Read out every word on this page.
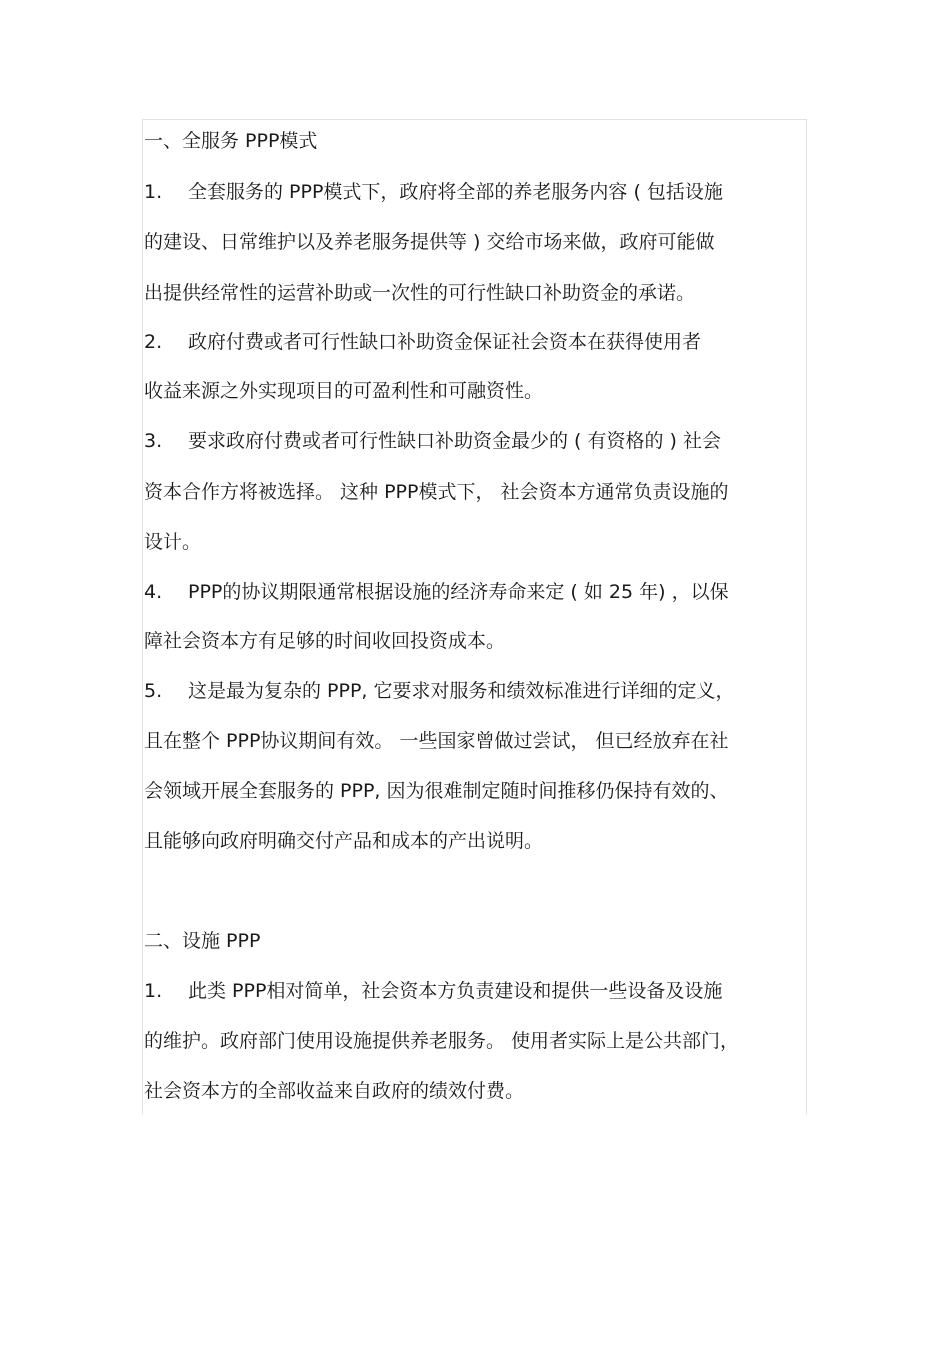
一、全服务 PPP模式
1. 全套服务的 PPP模式下，政府将全部的养老服务内容 ( 包括设施
的建设、日常维护以及养老服务提供等 ) 交给市场来做，政府可能做
出提供经常性的运营补助或一次性的可行性缺口补助资金的承诺。
2. 政府付费或者可行性缺口补助资金保证社会资本在获得使用者
收益来源之外实现项目的可盈利性和可融资性。
3. 要求政府付费或者可行性缺口补助资金最少的 ( 有资格的 ) 社会
资本合作方将被选择。 这种 PPP模式下， 社会资本方通常负责设施的
设计。
4. PPP的协议期限通常根据设施的经济寿命来定 ( 如 25 年) ，以保
障社会资本方有足够的时间收回投资成本。
5. 这是最为复杂的 PPP, 它要求对服务和绩效标准进行详细的定义，
且在整个 PPP协议期间有效。 一些国家曾做过尝试， 但已经放弃在社
会领域开展全套服务的 PPP, 因为很难制定随时间推移仍保持有效的、
且能够向政府明确交付产品和成本的产出说明。
二、设施 PPP
1. 此类 PPP相对简单，社会资本方负责建设和提供一些设备及设施
的维护。政府部门使用设施提供养老服务。 使用者实际上是公共部门，
社会资本方的全部收益来自政府的绩效付费。
